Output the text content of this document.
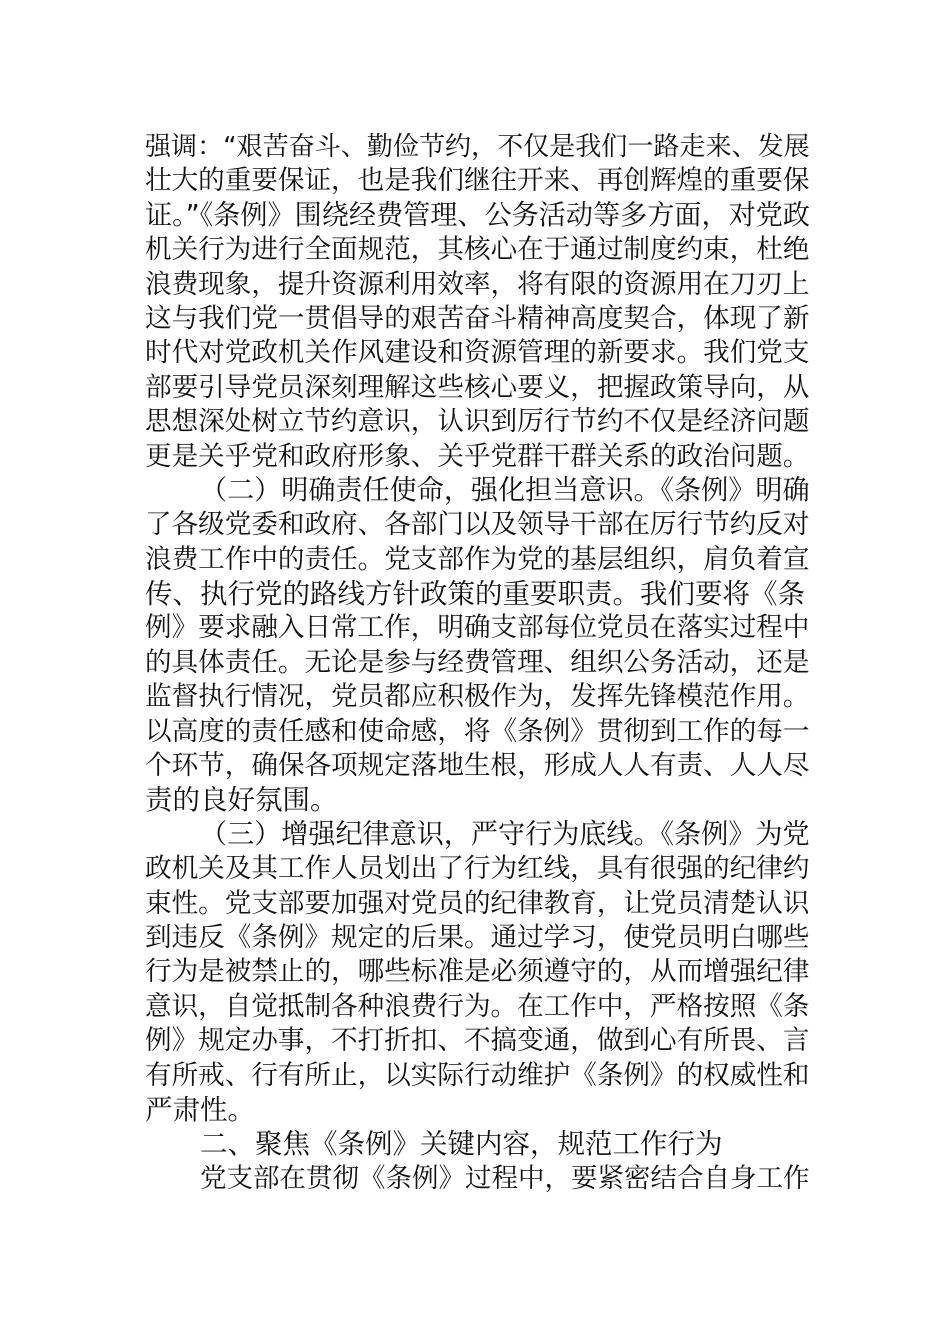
强调：“艰苦奋斗、勤俭节约，不仅是我们一路走来、发展
壮大的重要保证，也是我们继往开来、再创辉煌的重要保
证。”《条例》围绕经费管理、公务活动等多方面，对党政
机关行为进行全面规范，其核心在于通过制度约束，杜绝
浪费现象，提升资源利用效率，将有限的资源用在刀刃上
这与我们党一贯倡导的艰苦奋斗精神高度契合，体现了新
时代对党政机关作风建设和资源管理的新要求。我们党支
部要引导党员深刻理解这些核心要义，把握政策导向，从
思想深处树立节约意识，认识到厉行节约不仅是经济问题
更是关乎党和政府形象、关乎党群干群关系的政治问题。
（二）明确责任使命，强化担当意识。《条例》明确
了各级党委和政府、各部门以及领导干部在厉行节约反对
浪费工作中的责任。党支部作为党的基层组织，肩负着宣
传、执行党的路线方针政策的重要职责。我们要将《条
例》要求融入日常工作，明确支部每位党员在落实过程中
的具体责任。无论是参与经费管理、组织公务活动，还是
监督执行情况，党员都应积极作为，发挥先锋模范作用。
以高度的责任感和使命感，将《条例》贯彻到工作的每一
个环节，确保各项规定落地生根，形成人人有责、人人尽
责的良好氛围。
（三）增强纪律意识，严守行为底线。《条例》为党
政机关及其工作人员划出了行为红线，具有很强的纪律约
束性。党支部要加强对党员的纪律教育，让党员清楚认识
到违反《条例》规定的后果。通过学习，使党员明白哪些
行为是被禁止的，哪些标准是必须遵守的，从而增强纪律
意识，自觉抵制各种浪费行为。在工作中，严格按照《条
例》规定办事，不打折扣、不搞变通，做到心有所畏、言
有所戒、行有所止，以实际行动维护《条例》的权威性和
严肃性。
二、聚焦《条例》关键内容，规范工作行为
党支部在贯彻《条例》过程中，要紧密结合自身工作
